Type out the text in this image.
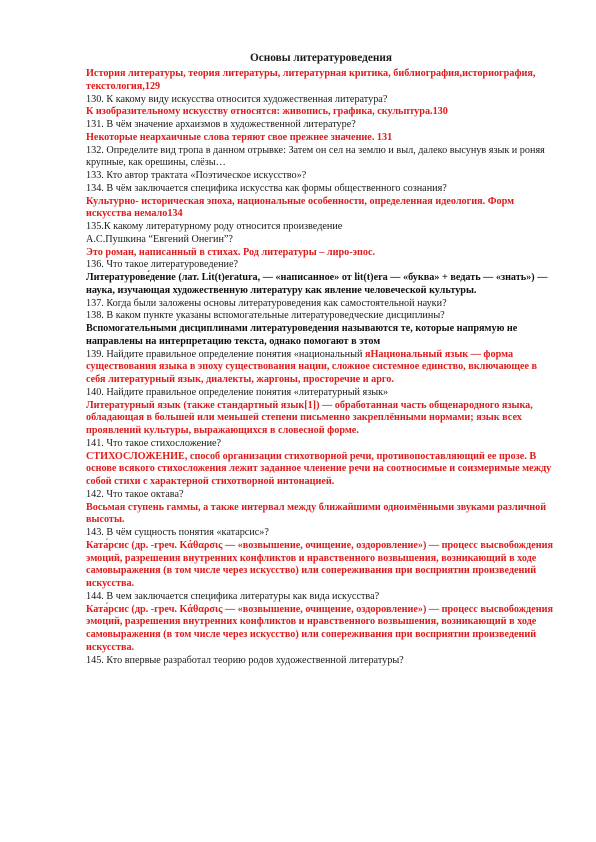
Основы литературоведения

История литературы, теория литературы, литературная критика, библиография,историография, текстология,129

130. К какому виду искусства относится художественная литература?

К изобразительному искусству относятся: живопись, графика, скульптура.130

131. В чём значение архаизмов в художественной литературе?

Некоторые неархаичные слова теряют свое прежнее значение. 131

132. Определите вид тропа в данном отрывке: Затем он сел на землю и выл, далеко высунув язык и роняя крупные, как орешины, слёзы…

133. Кто автор трактата «Поэтическое искусство»?

134. В чём заключается специфика искусства как формы общественного сознания?

Культурно- историческая эпоха, национальные особенности, определенная идеология. Форм искусства немало134

135.К какому литературному роду относится произведение

А.С.Пушкина “Евгений Онегин”?

Это роман, написанный в стихах. Род литературы – лиро-эпос.

136. Что такое литературоведение?

Литературове́дение (лат. Lit(t)eratura, — «написанное» от lit(t)era — «буква» + ведать — «знать») — наука, изучающая художественную литературу как явление человеческой культуры.

137. Когда были заложены основы литературоведения как самостоятельной науки?

138. В каком пункте указаны вспомогательные литературоведческие дисциплины?

Вспомогательными дисциплинами литературоведения называются те, которые напрямую не направлены на интерпретацию текста, однако помогают в этом

139. Найдите правильное определение понятия «национальный яНациональный язык — форма существования языка в эпоху существования нации, сложное системное единство, включающее в себя литературный язык, диалекты, жаргоны, просторечие и арго.

140. Найдите правильное определение понятия «литературный язык»

Литературный язык (также стандартный язык[1]) — обработанная часть общенародного языка, обладающая в большей или меньшей степени письменно закреплёнными нормами; язык всех проявлений культуры, выражающихся в словесной форме.

141. Что такое стихосложение?

СТИХОСЛОЖЕНИЕ, способ организации стихотворной речи, противопоставляющий ее прозе. В основе всякого стихосложения лежит заданное членение речи на соотносимые и соизмеримые между собой стихи с характерной стихотворной интонацией.

142. Что такое октава?

Восьмая ступень гаммы, а также интервал между ближайшими одноимёнными звуками различной высоты.

143. В чём сущность понятия «катарсис»?

Ката́рсис (др. -греч. Κάθαρσις — «возвышение, очищение, оздоровление») — процесс высвобождения эмоций, разрешения внутренних конфликтов и нравственного возвышения, возникающий в ходе самовыражения (в том числе через искусство) или сопереживания при восприятии произведений искусства.

144. В чем заключается специфика литературы как вида искусства?

Ката́рсис (др. -греч. Κάθαρσις — «возвышение, очищение, оздоровление») — процесс высвобождения эмоций, разрешения внутренних конфликтов и нравственного возвышения, возникающий в ходе самовыражения (в том числе через искусство) или сопереживания при восприятии произведений искусства.

145. Кто впервые разработал теорию родов художественной литературы?
